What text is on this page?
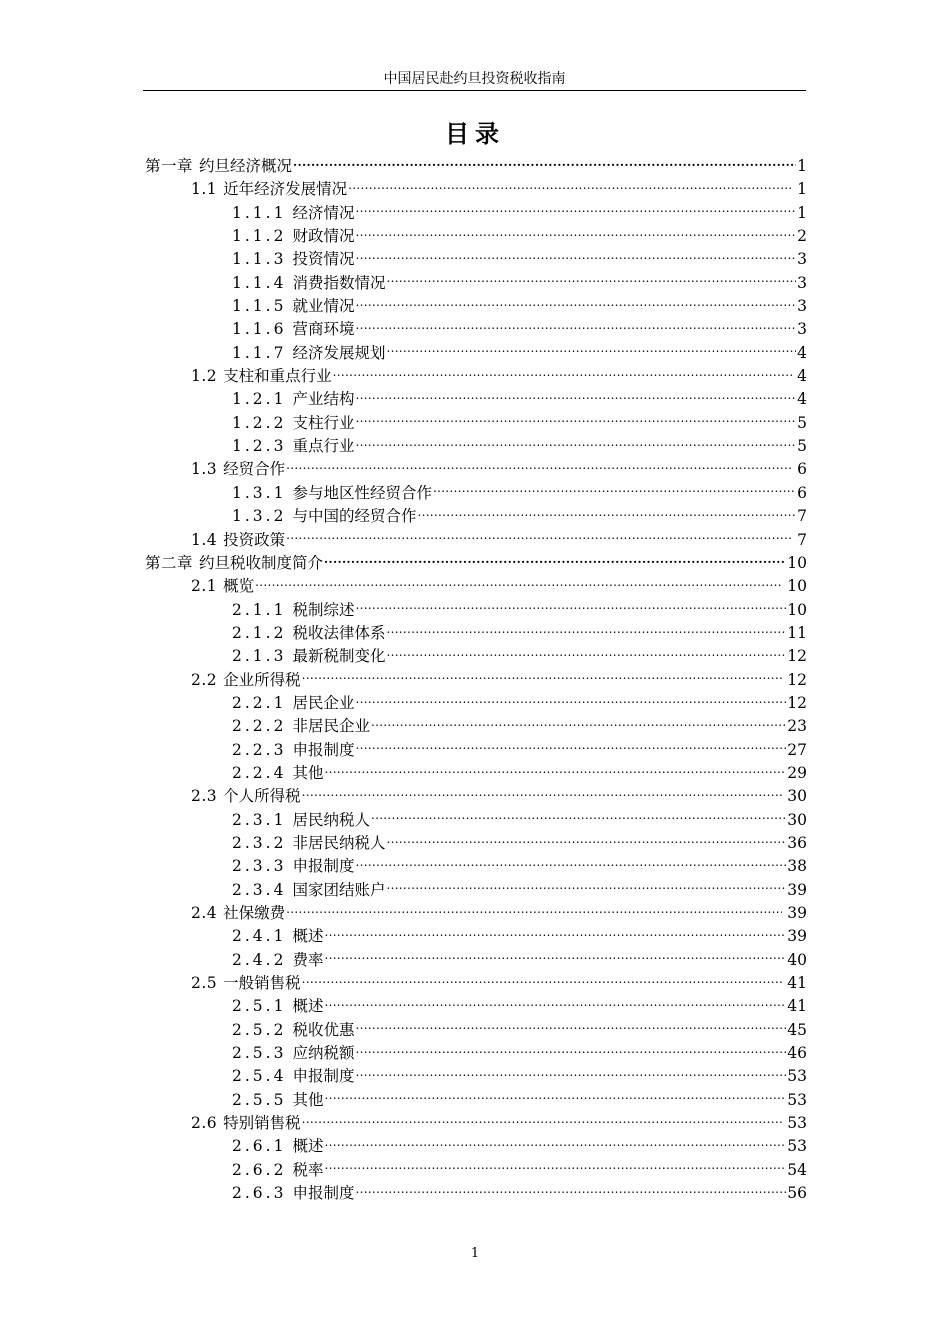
中国居民赴约旦投资税收指南
目录
第一章 约旦经济概况 .....	1
1.1 近年经济发展情况 .....	1
1.1.1 经济情况 .....	1
1.1.2 财政情况 .....	2
1.1.3 投资情况 .....	3
1.1.4 消费指数情况 .....	3
1.1.5 就业情况 .....	3
1.1.6 营商环境 .....	3
1.1.7 经济发展规划 .....	4
1.2 支柱和重点行业 .....	4
1.2.1 产业结构 .....	4
1.2.2 支柱行业 .....	5
1.2.3 重点行业 .....	5
1.3 经贸合作 .....	6
1.3.1 参与地区性经贸合作 .....	6
1.3.2 与中国的经贸合作 .....	7
1.4 投资政策 .....	7
第二章 约旦税收制度简介 .....	10
2.1 概览 .....	10
2.1.1 税制综述 .....	10
2.1.2 税收法律体系 .....	11
2.1.3 最新税制变化 .....	12
2.2 企业所得税 .....	12
2.2.1 居民企业 .....	12
2.2.2 非居民企业 .....	23
2.2.3 申报制度 .....	27
2.2.4 其他 .....	29
2.3 个人所得税 .....	30
2.3.1 居民纳税人 .....	30
2.3.2 非居民纳税人 .....	36
2.3.3 申报制度 .....	38
2.3.4 国家团结账户 .....	39
2.4 社保缴费 .....	39
2.4.1 概述 .....	39
2.4.2 费率 .....	40
2.5 一般销售税 .....	41
2.5.1 概述 .....	41
2.5.2 税收优惠 .....	45
2.5.3 应纳税额 .....	46
2.5.4 申报制度 .....	53
2.5.5 其他 .....	53
2.6 特别销售税 .....	53
2.6.1 概述 .....	53
2.6.2 税率 .....	54
2.6.3 申报制度 .....	56
1
